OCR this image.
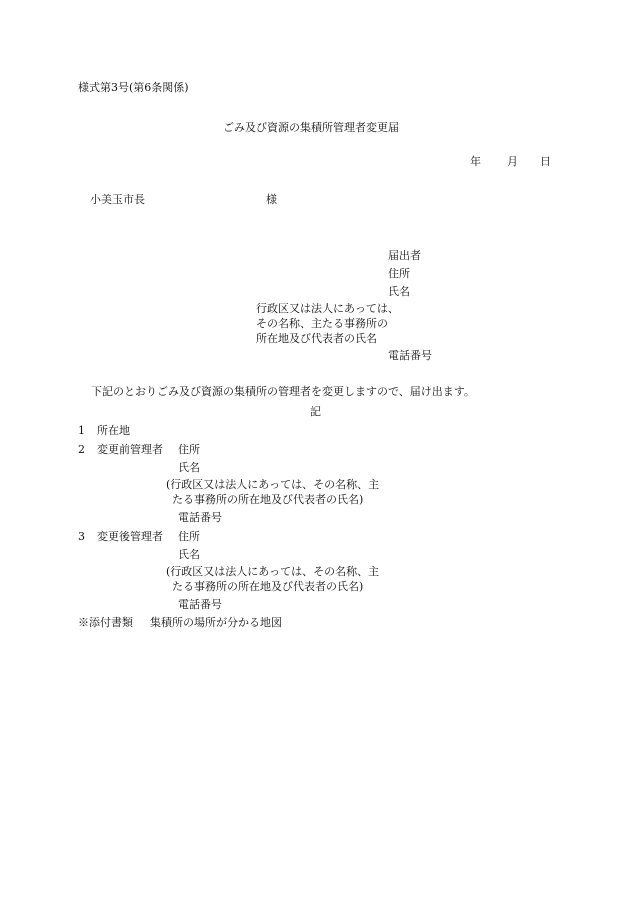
様式第3号(第6条関係)
ごみ及び資源の集積所管理者変更届
年 月 日
小美玉市長	様
届出者
住所
氏名
行政区又は法人にあっては、
その名称、主たる事務所の
所在地及び代表者の氏名
電話番号
下記のとおりごみ及び資源の集積所の管理者を変更しますので、届け出ます。
記
1 所在地
2 変更前管理者 住所
氏名
(行政区又は法人にあっては、その名称、主
たる事務所の所在地及び代表者の氏名)
電話番号
3 変更後管理者 住所
氏名
(行政区又は法人にあっては、その名称、主
たる事務所の所在地及び代表者の氏名)
電話番号
※添付書類 集積所の場所が分かる地図
